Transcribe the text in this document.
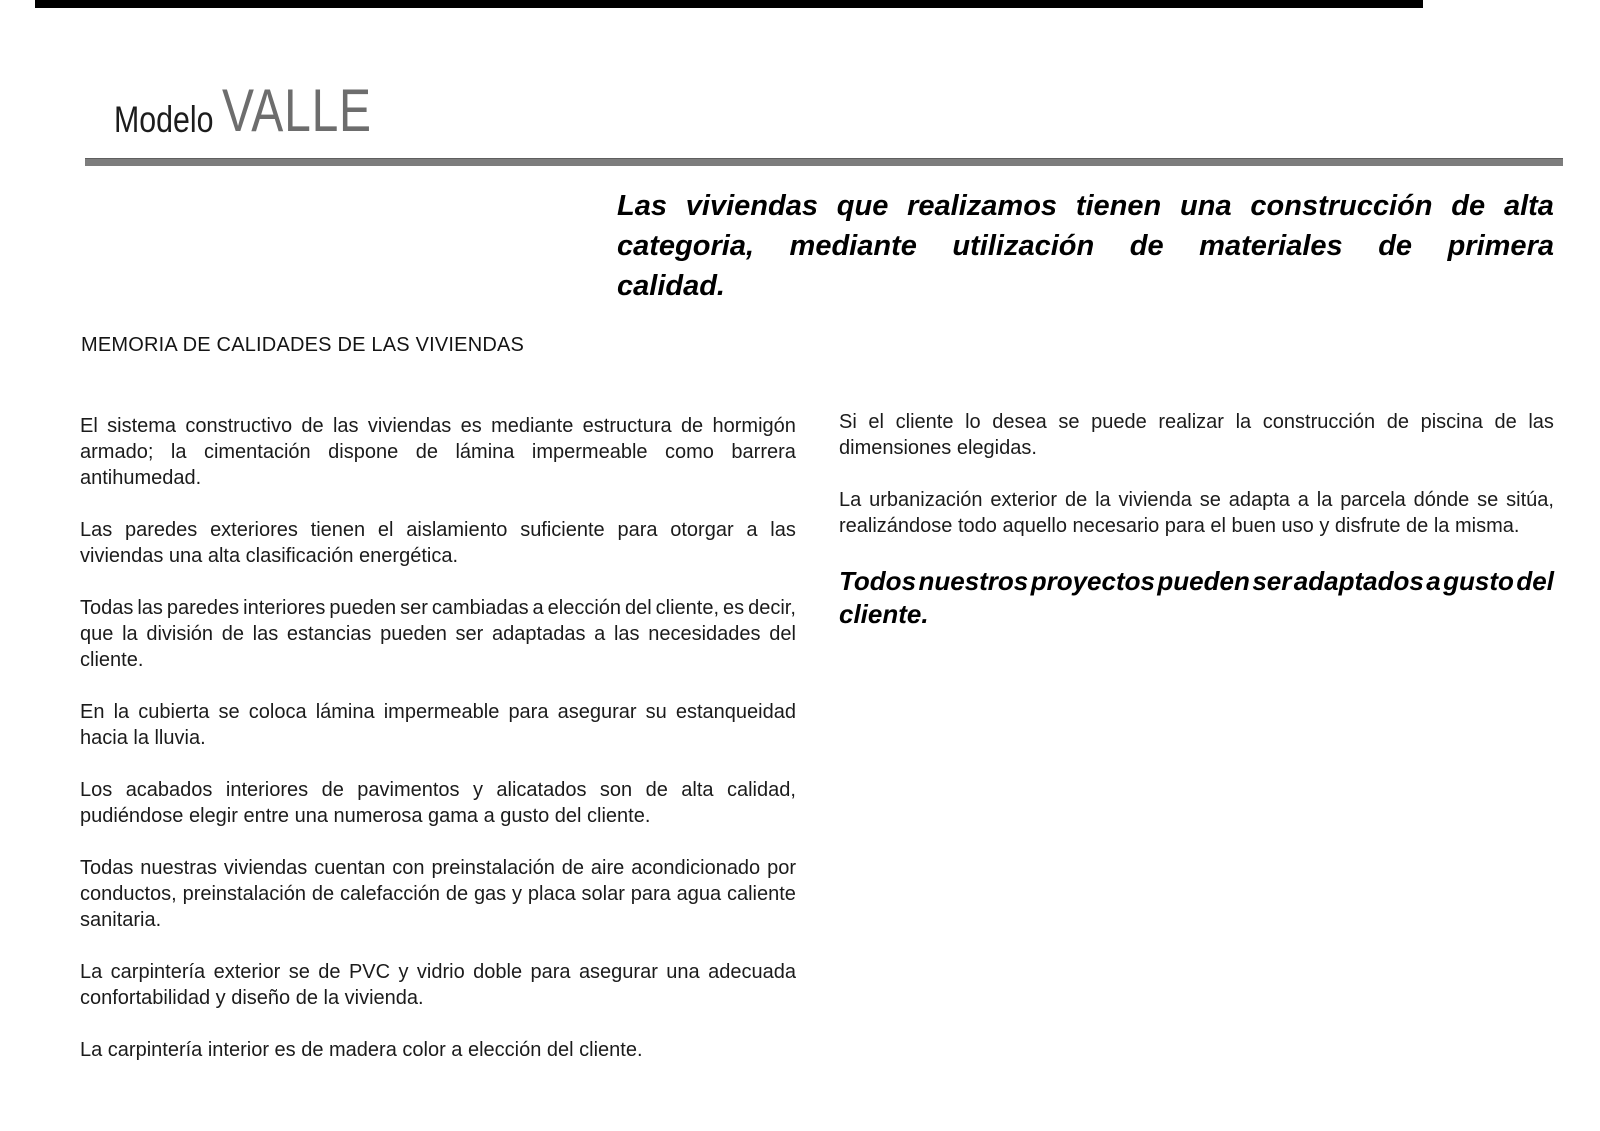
Modelo VALLE
Las viviendas que realizamos tienen una construcción de alta
categoria, mediante utilización de materiales de primera
calidad.
MEMORIA DE CALIDADES DE LAS VIVIENDAS
El sistema constructivo de las viviendas es mediante estructura de hormigón
armado; la cimentación dispone de lámina impermeable como barrera
antihumedad.
Las paredes exteriores tienen el aislamiento suficiente para otorgar a las
viviendas una alta clasificación energética.
Todas las paredes interiores pueden ser cambiadas a elección del cliente, es decir,
que la división de las estancias pueden ser adaptadas a las necesidades del
cliente.
En la cubierta se coloca lámina impermeable para asegurar su estanqueidad
hacia la lluvia.
Los acabados interiores de pavimentos y alicatados son de alta calidad,
pudiéndose elegir entre una numerosa gama a gusto del cliente.
Todas nuestras viviendas cuentan con preinstalación de aire acondicionado por
conductos, preinstalación de calefacción de gas y placa solar para agua caliente
sanitaria.
La carpintería exterior se de PVC y vidrio doble para asegurar una adecuada
confortabilidad y diseño de la vivienda.
La carpintería interior es de madera color a elección del cliente.
Si el cliente lo desea se puede realizar la construcción de piscina de las
dimensiones elegidas.
La urbanización exterior de la vivienda se adapta a la parcela dónde se sitúa,
realizándose todo aquello necesario para el buen uso y disfrute de la misma.
Todos nuestros proyectos pueden ser adaptados a gusto del
cliente.
